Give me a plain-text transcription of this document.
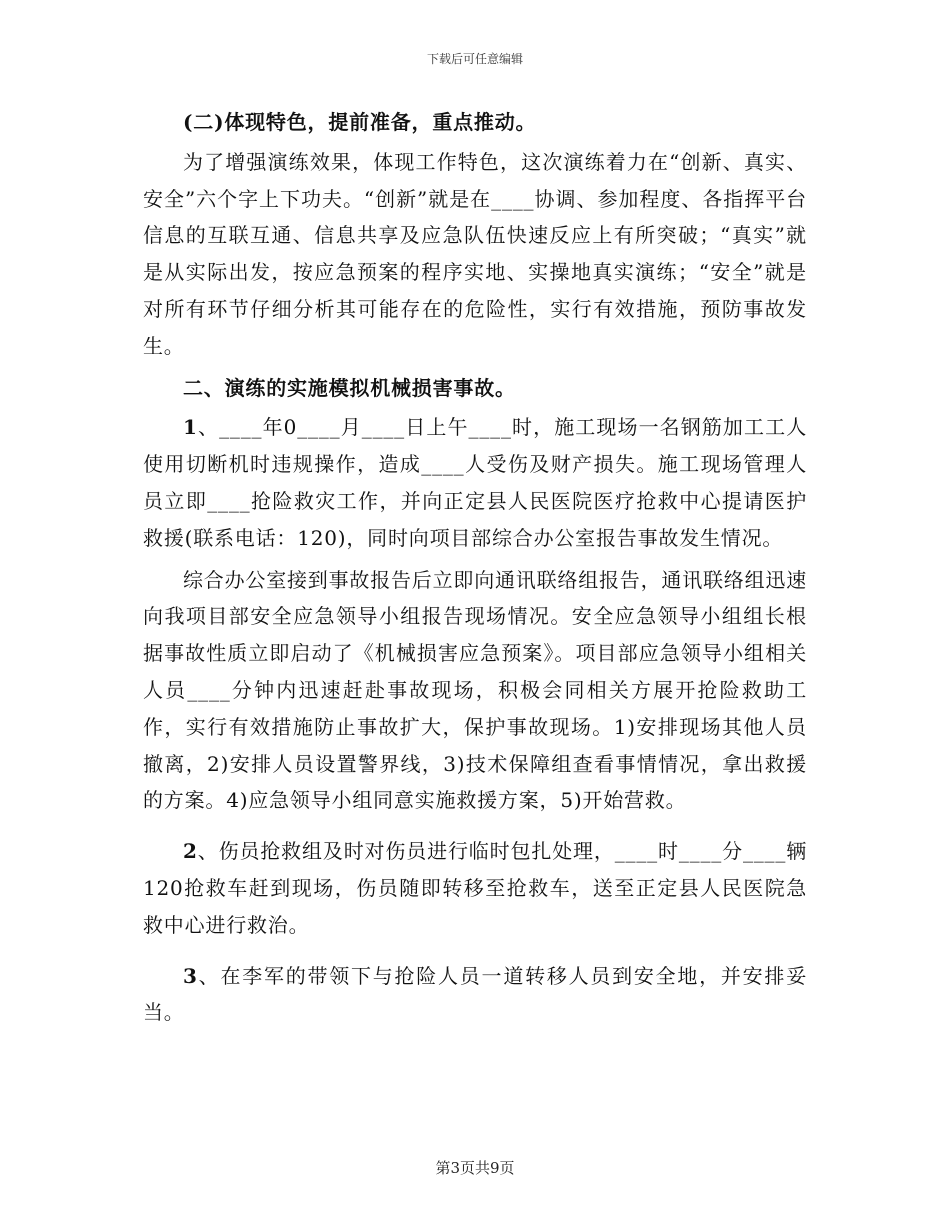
下载后可任意编辑

(二)体现特色，提前准备，重点推动。

为了增强演练效果，体现工作特色，这次演练着力在“创新、真实、安全”六个字上下功夫。“创新”就是在____协调、参加程度、各指挥平台信息的互联互通、信息共享及应急队伍快速反应上有所突破；“真实”就是从实际出发，按应急预案的程序实地、实操地真实演练；“安全”就是对所有环节仔细分析其可能存在的危险性，实行有效措施，预防事故发生。

二、演练的实施模拟机械损害事故。

1、____年0____月____日上午____时，施工现场一名钢筋加工工人使用切断机时违规操作，造成____人受伤及财产损失。施工现场管理人员立即____抢险救灾工作，并向正定县人民医院医疗抢救中心提请医护救援(联系电话：120)，同时向项目部综合办公室报告事故发生情况。

综合办公室接到事故报告后立即向通讯联络组报告，通讯联络组迅速向我项目部安全应急领导小组报告现场情况。安全应急领导小组组长根据事故性质立即启动了《机械损害应急预案》。项目部应急领导小组相关人员____分钟内迅速赶赴事故现场，积极会同相关方展开抢险救助工作，实行有效措施防止事故扩大，保护事故现场。1)安排现场其他人员撤离，2)安排人员设置警界线，3)技术保障组查看事情情况，拿出救援的方案。4)应急领导小组同意实施救援方案，5)开始营救。

2、伤员抢救组及时对伤员进行临时包扎处理，____时____分____辆120抢救车赶到现场，伤员随即转移至抢救车，送至正定县人民医院急救中心进行救治。

3、在李军的带领下与抢险人员一道转移人员到安全地，并安排妥当。

第3页共9页
